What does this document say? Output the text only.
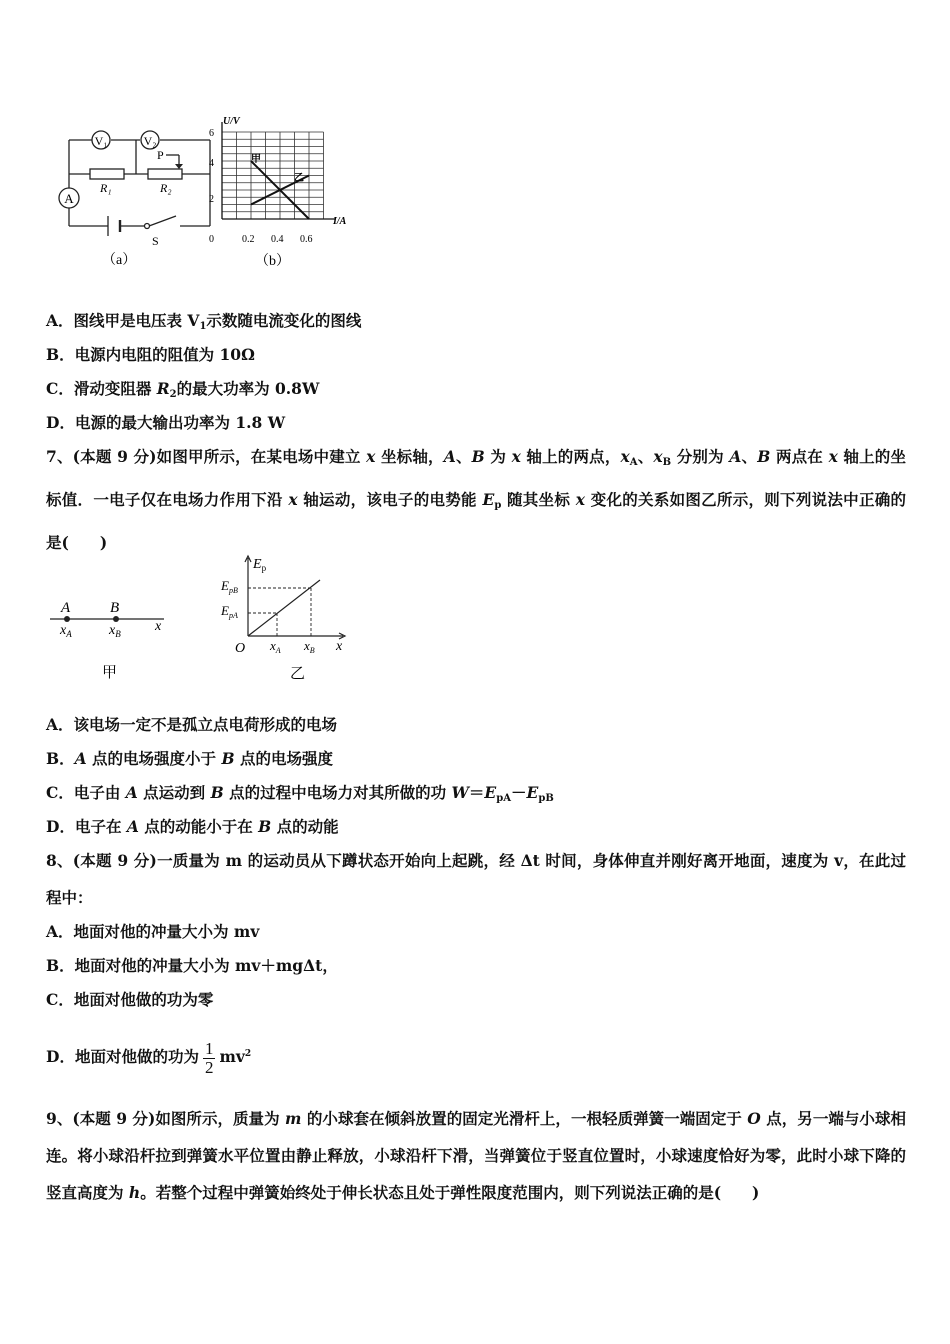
V₁	V₂
A
P
R₁	R₂
S
（a）
U/V
I/A
6
4
2
0	0.2 0.4 0.6
甲
乙
（b）
A．图线甲是电压表 $V_1$示数随电流变化的图线
B．电源内电阻的阻值为 10Ω
C．滑动变阻器 $R_2$的最大功率为 0.8W
D．电源的最大输出功率为 1.8 W
7、(本题 9 分)如图甲所示，在某电场中建立 x 坐标轴，A、B 为 x 轴上的两点，$x_A$、$x_B$ 分别为 A、B 两点在 x 轴上的坐标值．一电子仅在电场力作用下沿 x 轴运动，该电子的电势能 $E_p$ 随其坐标 x 变化的关系如图乙所示，则下列说法中正确的是(　　)
A	B
$x_A$	$x_B$ x
甲
$E_p$
$E_{pB}$
$E_{pA}$
O $x_A$ $x_B$ x
乙
A．该电场一定不是孤立点电荷形成的电场
B．A 点的电场强度小于 B 点的电场强度
C．电子由 A 点运动到 B 点的过程中电场力对其所做的功 $W=E_{pA}-E_{pB}$
D．电子在 A 点的动能小于在 B 点的动能
8、(本题 9 分)一质量为 m 的运动员从下蹲状态开始向上起跳，经 Δt 时间，身体伸直并刚好离开地面，速度为 v，在此过程中：
A．地面对他的冲量大小为 mv
B．地面对他的冲量大小为 mv＋mgΔt，
C．地面对他做的功为零
D．地面对他做的功为 $\frac{1}{2} mv^2$
9、(本题 9 分)如图所示，质量为 m 的小球套在倾斜放置的固定光滑杆上，一根轻质弹簧一端固定于 O 点，另一端与小球相连。将小球沿杆拉到弹簧水平位置由静止释放，小球沿杆下滑，当弹簧位于竖直位置时，小球速度恰好为零，此时小球下降的竖直高度为 h。若整个过程中弹簧始终处于伸长状态且处于弹性限度范围内，则下列说法正确的是(　　)
